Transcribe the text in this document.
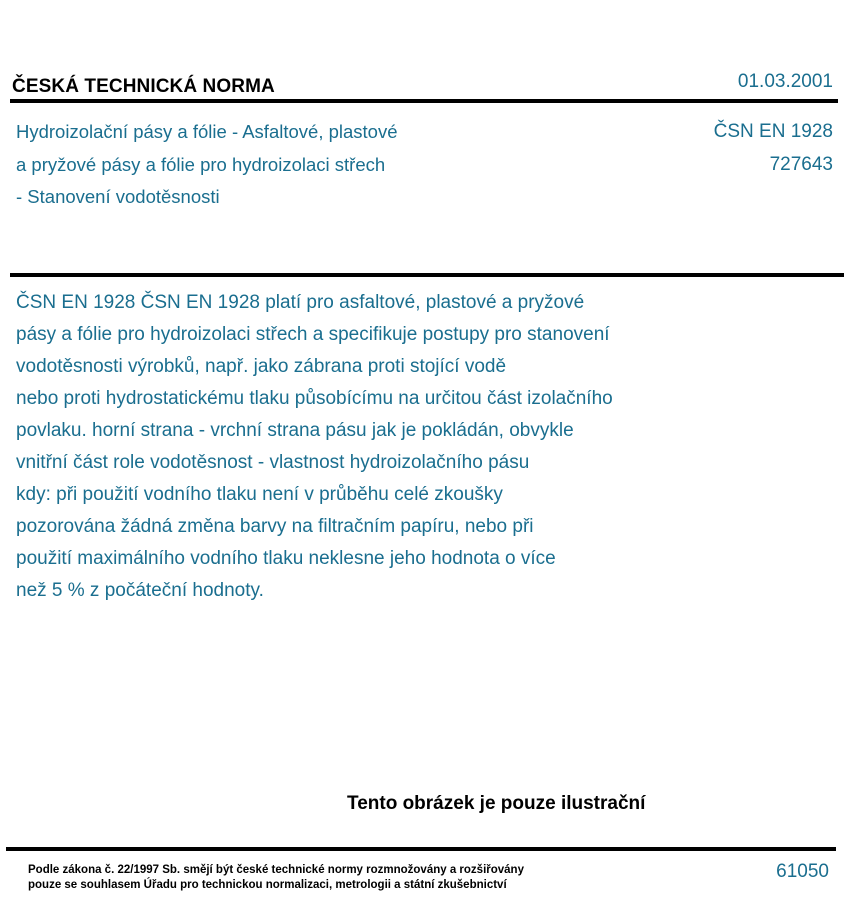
ČESKÁ TECHNICKÁ NORMA	01.03.2001
Hydroizolační pásy a fólie - Asfaltové, plastové
a pryžové pásy a fólie pro hydroizolaci střech
- Stanovení vodotěsnosti
ČSN EN 1928
727643
ČSN EN 1928 ČSN EN 1928 platí pro asfaltové, plastové a pryžové
pásy a fólie pro hydroizolaci střech a specifikuje postupy pro stanovení
vodotěsnosti výrobků, např. jako zábrana proti stojící vodě
nebo proti hydrostatickému tlaku působícímu na určitou část izolačního
povlaku. horní strana - vrchní strana pásu jak je pokládán, obvykle
vnitřní část role vodotěsnost - vlastnost hydroizolačního pásu
kdy: při použití vodního tlaku není v průběhu celé zkoušky
pozorována žádná změna barvy na filtračním papíru, nebo při
použití maximálního vodního tlaku neklesne jeho hodnota o více
než 5 % z počáteční hodnoty.
Tento obrázek je pouze ilustrační
Podle zákona č. 22/1997 Sb. smějí být české technické normy rozmnožovány a rozšiřovány
pouze se souhlasem Úřadu pro technickou normalizaci, metrologii a státní zkušebnictví
61050
